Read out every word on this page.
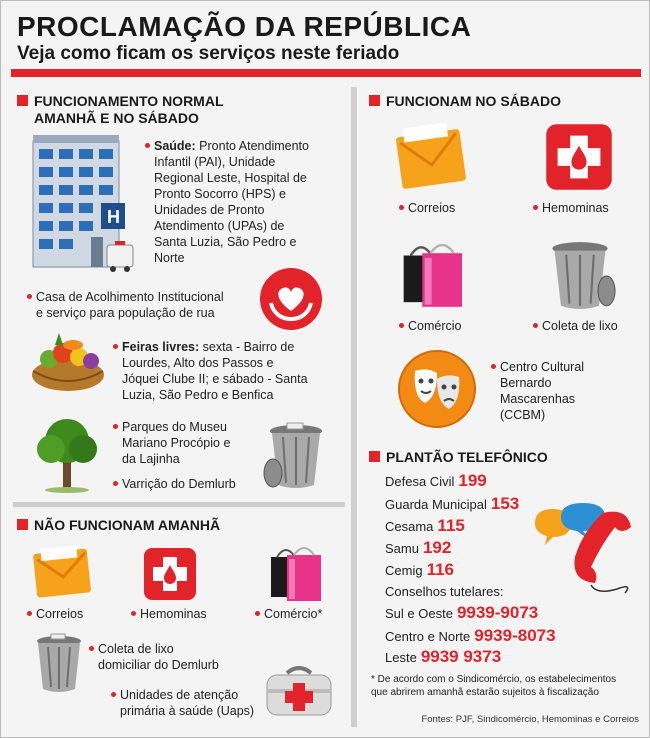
PROCLAMAÇÃO DA REPÚBLICA
Veja como ficam os serviços neste feriado
FUNCIONAMENTO NORMAL
AMANHÃ E NO SÁBADO
H
Saúde: Pronto Atendimento
Infantil (PAI), Unidade
Regional Leste, Hospital de
Pronto Socorro (HPS) e
Unidades de Pronto
Atendimento (UPAs) de
Santa Luzia, São Pedro e
Norte
Casa de Acolhimento Institucional
e serviço para população de rua
Feiras livres: sexta - Bairro de
Lourdes, Alto dos Passos e
Jóquei Clube II; e sábado - Santa
Luzia, São Pedro e Benfica
Parques do Museu
Mariano Procópio e
da Lajinha
Varrição do Demlurb
NÃO FUNCIONAM AMANHÃ
Correios	Hemominas	Comércio*
Coleta de lixo
domiciliar do Demlurb
Unidades de atenção
primária à saúde (Uaps)
FUNCIONAM NO SÁBADO
Correios	Hemominas
Comércio	Coleta de lixo
Centro Cultural
Bernardo
Mascarenhas
(CCBM)
PLANTÃO TELEFÔNICO
Defesa Civil 199
Guarda Municipal 153
Cesama 115
Samu 192
Cemig 116
Conselhos tutelares:
Sul e Oeste 9939-9073
Centro e Norte 9939-8073
Leste 9939 9373
* De acordo com o Sindicomércio, os estabelecimentos
que abrirem amanhã estarão sujeitos à fiscalização
Fontes: PJF, Sindicomércio, Hemominas e Correios
